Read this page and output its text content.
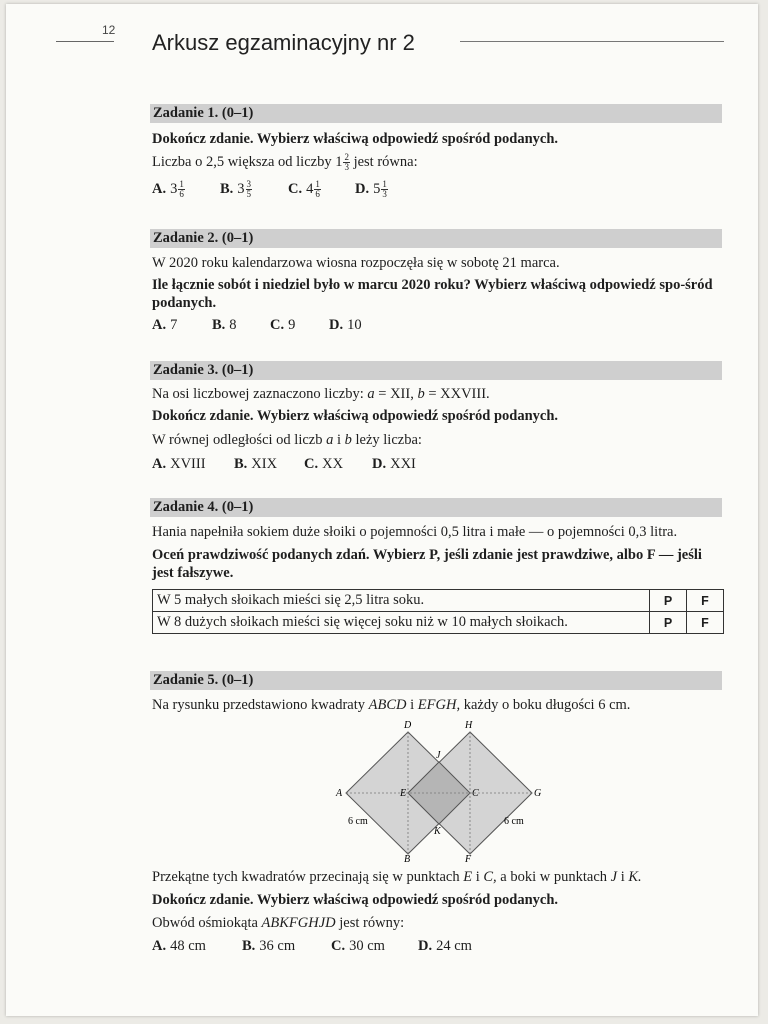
12 Arkusz egzaminacyjny nr 2
Zadanie 1. (0–1)
Dokończ zdanie. Wybierz właściwą odpowiedź spośród podanych.
Liczba o 2,5 większa od liczby $1 \frac{2}{3}$ jest równa:
A. $3 \frac{1}{6} B$. $3 \frac{3}{5} C$. $4 \frac{1}{6} D$. $5 \frac{1}{3}$
Zadanie 2. (0–1)
W 2020 roku kalendarzowa wiosna rozpoczęła się w sobotę 21 marca.
Ile łącznie sobót i niedziel było w marcu 2020 roku? Wybierz właściwą odpowiedź spo-śród podanych.
A. 7 B. 8 C. 9 D. 10
Zadanie 3. (0–1)
Na osi liczbowej zaznaczono liczby: a = XII, b = XXVIII.
Dokończ zdanie. Wybierz właściwą odpowiedź spośród podanych.
W równej odległości od liczb a i b leży liczba:
A. XVIII B. XIX C. XX D. XXI
Zadanie 4. (0–1)
Hania napełniła sokiem duże słoiki o pojemności 0,5 litra i małe — o pojemności 0,3 litra.
Oceń prawdziwość podanych zdań. Wybierz P, jeśli zdanie jest prawdziwe, albo F — jeśli jest fałszywe.
W 5 małych słoikach mieści się 2,5 litra soku.	P	F
W 8 dużych słoikach mieści się więcej soku niż w 10 małych słoikach.	P	F
Zadanie 5. (0–1)
Na rysunku przedstawiono kwadraty ABCD i EFGH, każdy o boku długości 6 cm.
D	H
A	G
E	C
J
K
B	F
6 cm	6 cm
Przekątne tych kwadratów przecinają się w punktach E i C, a boki w punktach J i K.
Dokończ zdanie. Wybierz właściwą odpowiedź spośród podanych.
Obwód ośmiokąta ABKFGHJD jest równy:
A. 48 cm B. 36 cm C. 30 cm D. 24 cm
